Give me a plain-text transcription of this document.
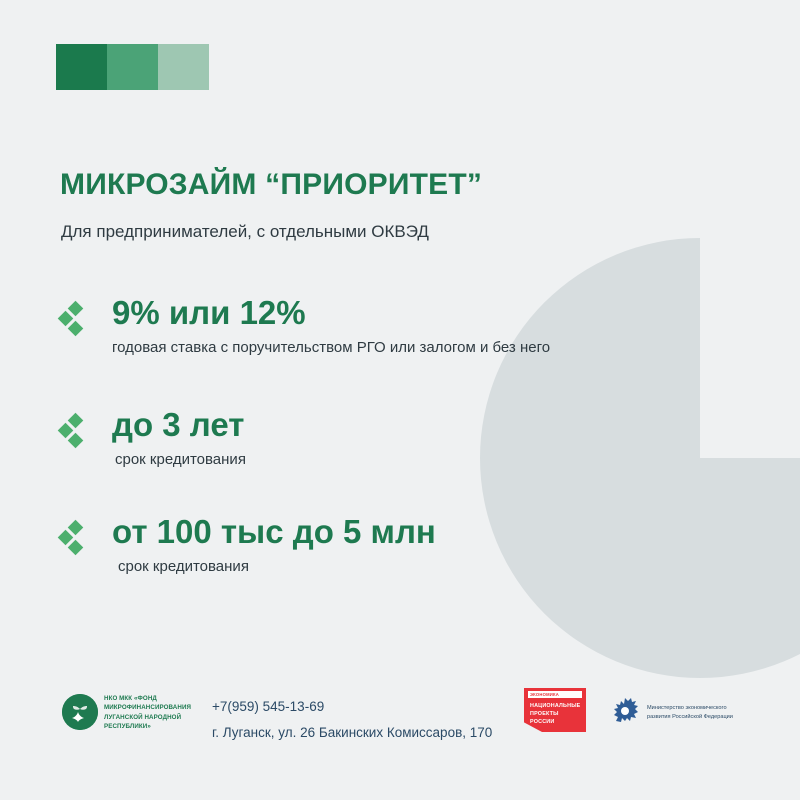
МИКРОЗАЙМ “ПРИОРИТЕТ”
Для предпринимателей, с отдельными ОКВЭД
9% или 12%
годовая ставка с поручительством РГО или залогом и без него
до 3 лет
срок кредитования
от 100 тыс до 5 млн
срок кредитования
НКО МКК «ФОНД МИКРОФИНАНСИРОВАНИЯ ЛУГАНСКОЙ НАРОДНОЙ РЕСПУБЛИКИ»
+7(959) 545-13-69
г. Луганск, ул. 26 Бакинских Комиссаров, 170
ЭКОНОМИКА
НАЦИОНАЛЬНЫЕ ПРОЕКТЫ РОССИИ
Министерство экономического развития Российской Федерации
